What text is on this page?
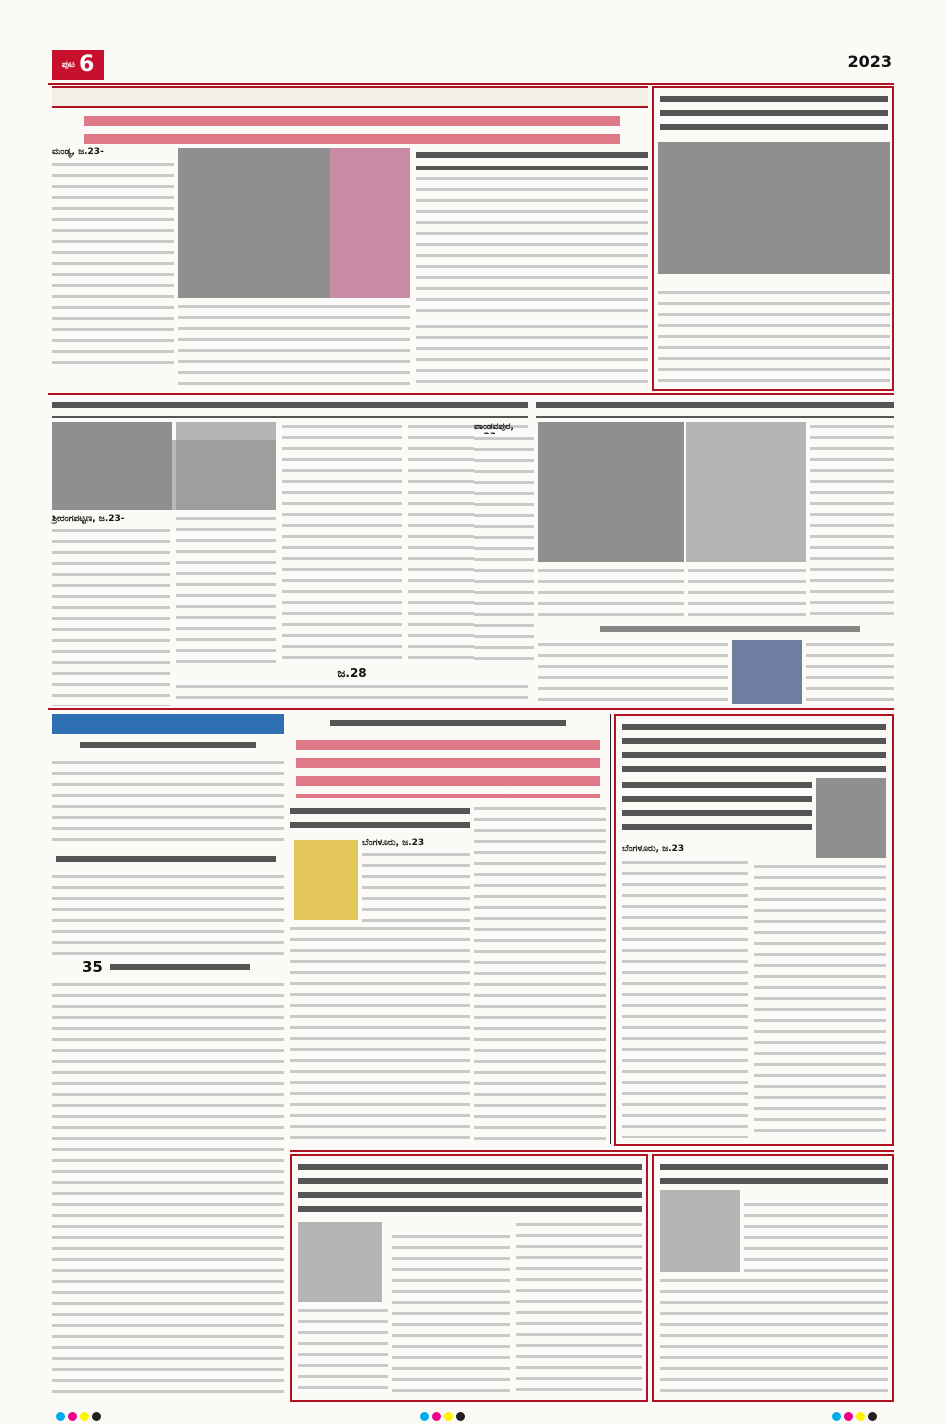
ಪುಟ 6	2023
ಮಂಡ್ಯ, ಜ.23-
ಶ್ರೀರಂಗಪಟ್ಟಣ, ಜ.23-
ಜ.28
ಪಾಂಡವಪುರ,
35
ಬೆಂಗಳೂರು, ಜ.23
ಬೆಂಗಳೂರು, ಜ.23
